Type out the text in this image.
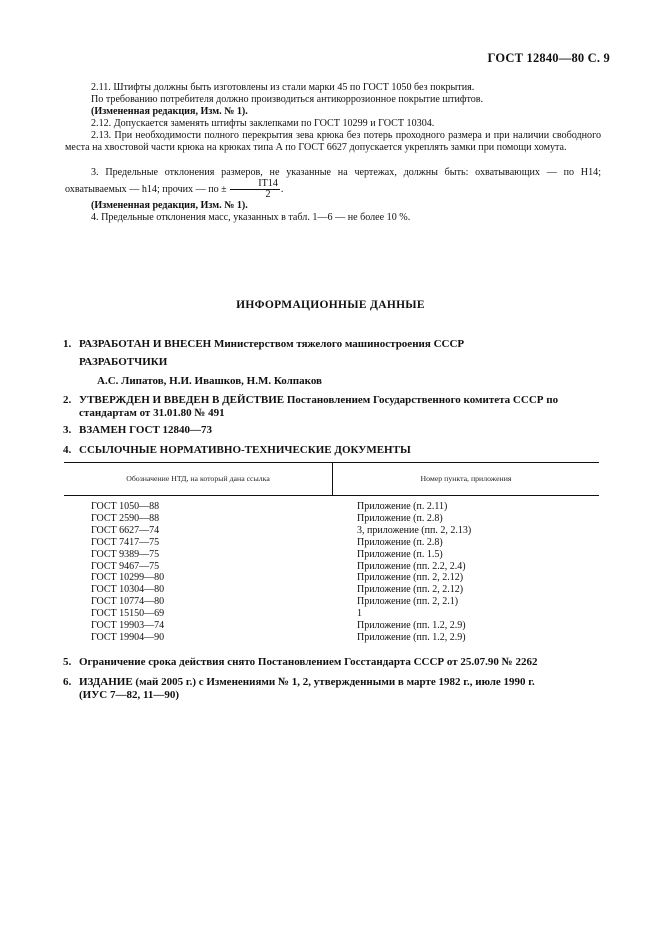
ГОСТ 12840—80 С. 9
2.11. Штифты должны быть изготовлены из стали марки 45 по ГОСТ 1050 без покрытия.
По требованию потребителя должно производиться антикоррозионное покрытие штифтов.
(Измененная редакция, Изм. № 1).
2.12. Допускается заменять штифты заклепками по ГОСТ 10299 и ГОСТ 10304.
2.13. При необходимости полного перекрытия зева крюка без потерь проходного размера и при наличии свободного места на хвостовой части крюка на крюках типа А по ГОСТ 6627 допускается укреплять замки при помощи хомута.
3. Предельные отклонения размеров, не указанные на чертежах, должны быть: охватывающих — по Н14; охватываемых — h14; прочих — по ± $\frac{IT14}{2}$ .
(Измененная редакция, Изм. № 1).
4. Предельные отклонения масс, указанных в табл. 1—6 — не более 10 %.
ИНФОРМАЦИОННЫЕ ДАННЫЕ
1. РАЗРАБОТАН И ВНЕСЕН Министерством тяжелого машиностроения СССР
РАЗРАБОТЧИКИ
А.С. Липатов, Н.И. Ивашков, Н.М. Колпаков
2. УТВЕРЖДЕН И ВВЕДЕН В ДЕЙСТВИЕ Постановлением Государственного комитета СССР по
стандартам от 31.01.80 № 491
3. ВЗАМЕН ГОСТ 12840—73
4. ССЫЛОЧНЫЕ НОРМАТИВНО-ТЕХНИЧЕСКИЕ ДОКУМЕНТЫ
Обозначение НТД, на который дана ссылка	Номер пункта, приложения
ГОСТ 1050—88	Приложение (п. 2.11)
ГОСТ 2590—88	Приложение (п. 2.8)
ГОСТ 6627—74	3, приложение (пп. 2, 2.13)
ГОСТ 7417—75	Приложение (п. 2.8)
ГОСТ 9389—75	Приложение (п. 1.5)
ГОСТ 9467—75	Приложение (пп. 2.2, 2.4)
ГОСТ 10299—80	Приложение (пп. 2, 2.12)
ГОСТ 10304—80	Приложение (пп. 2, 2.12)
ГОСТ 10774—80	Приложение (пп. 2, 2.1)
ГОСТ 15150—69	1
ГОСТ 19903—74	Приложение (пп. 1.2, 2.9)
ГОСТ 19904—90	Приложение (пп. 1.2, 2.9)
5. Ограничение срока действия снято Постановлением Госстандарта СССР от 25.07.90 № 2262
6. ИЗДАНИЕ (май 2005 г.) с Изменениями № 1, 2, утвержденными в марте 1982 г., июле 1990 г.
(ИУС 7—82, 11—90)
